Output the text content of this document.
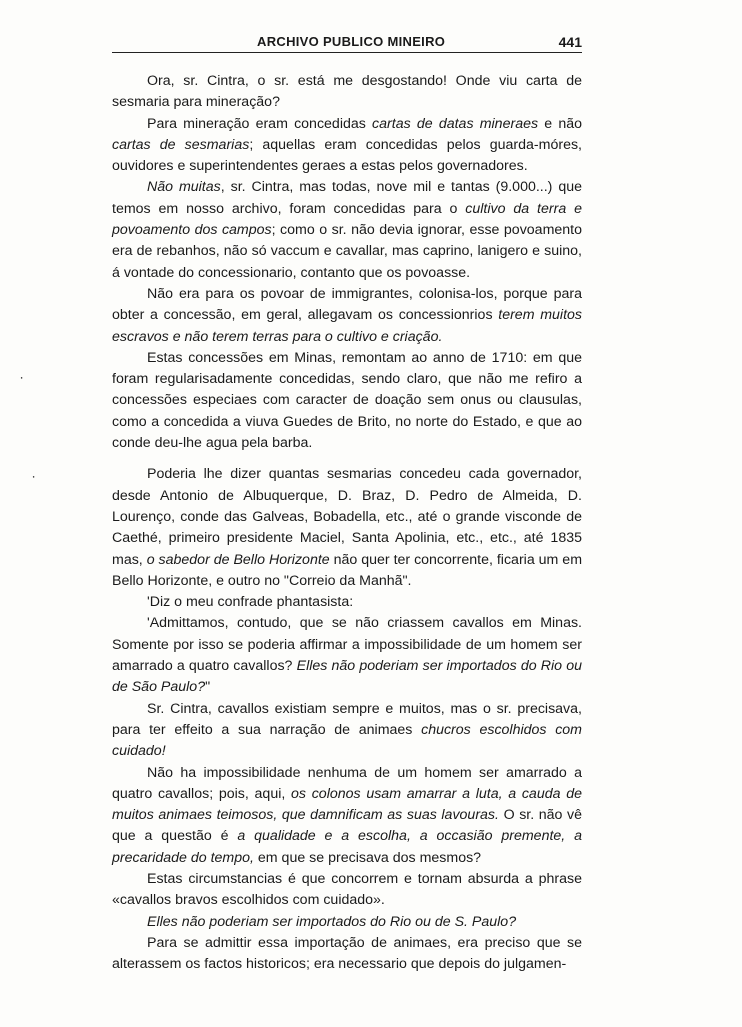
ARCHIVO PUBLICO MINEIRO	441
⸳
⸳

Ora, sr. Cintra, o sr. está me desgostando! Onde viu carta de sesmaria para mineração?

Para mineração eram concedidas cartas de datas mineraes e não cartas de sesmarias; aquellas eram concedidas pelos guarda-móres, ouvidores e superintendentes geraes a estas pelos governadores.

Não muitas, sr. Cintra, mas todas, nove mil e tantas (9.000...) que temos em nosso archivo, foram concedidas para o cultivo da terra e povoamento dos campos; como o sr. não devia ignorar, esse povoamento era de rebanhos, não só vaccum e cavallar, mas caprino, lanigero e suino, á vontade do concessionario, contanto que os povoasse.

Não era para os povoar de immigrantes, colonisa-los, porque para obter a concessão, em geral, allegavam os concessionrios terem muitos escravos e não terem terras para o cultivo e criação.

Estas concessões em Minas, remontam ao anno de 1710: em que foram regularisadamente concedidas, sendo claro, que não me refiro a concessões especiaes com caracter de doação sem onus ou clausulas, como a concedida a viuva Guedes de Brito, no norte do Estado, e que ao conde deu-lhe agua pela barba.

Poderia lhe dizer quantas sesmarias concedeu cada governador, desde Antonio de Albuquerque, D. Braz, D. Pedro de Almeida, D. Lourenço, conde das Galveas, Bobadella, etc., até o grande visconde de Caethé, primeiro presidente Maciel, Santa Apolinia, etc., etc., até 1835 mas, o sabedor de Bello Horizonte não quer ter concorrente, ficaria um em Bello Horizonte, e outro no "Correio da Manhã".

'Diz o meu confrade phantasista:

'Admittamos, contudo, que se não criassem cavallos em Minas. Somente por isso se poderia affirmar a impossibilidade de um homem ser amarrado a quatro cavallos? Elles não poderiam ser importados do Rio ou de São Paulo?"

Sr. Cintra, cavallos existiam sempre e muitos, mas o sr. precisava, para ter effeito a sua narração de animaes chucros escolhidos com cuidado!

Não ha impossibilidade nenhuma de um homem ser amarrado a quatro cavallos; pois, aqui, os colonos usam amarrar a luta, a cauda de muitos animaes teimosos, que damnificam as suas lavouras. O sr. não vê que a questão é a qualidade e a escolha, a occasião premente, a precaridade do tempo, em que se precisava dos mesmos?

Estas circumstancias é que concorrem e tornam absurda a phrase «cavallos bravos escolhidos com cuidado».

Elles não poderiam ser importados do Rio ou de S. Paulo?

Para se admittir essa importação de animaes, era preciso que se alterassem os factos historicos; era necessario que depois do julgamen-
